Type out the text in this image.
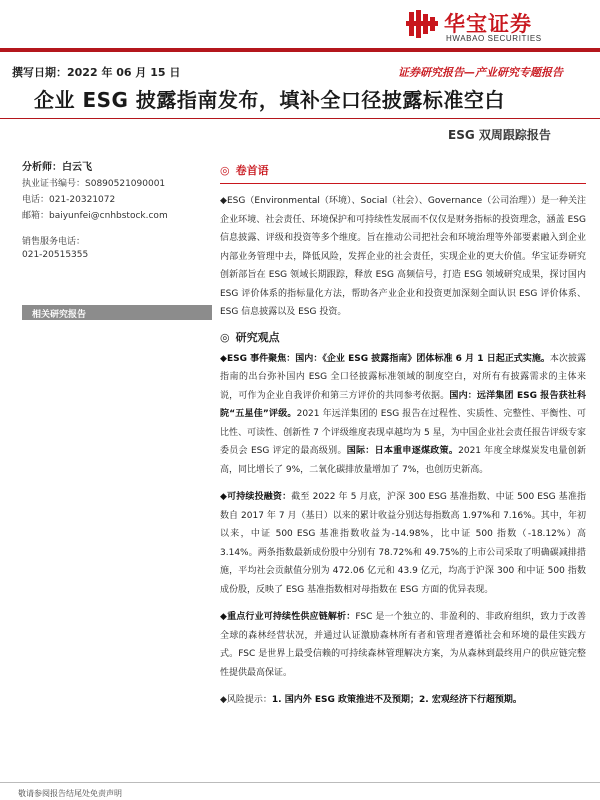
华宝证券
HWABAO SECURITIES
撰写日期：2022 年 06 月 15 日	证券研究报告—产业研究专题报告
企业 ESG 披露指南发布，填补全口径披露标准空白
ESG 双周跟踪报告
分析师：白云飞
执业证书编号：S0890521090001
电话：021-20321072
邮箱：baiyunfei@cnhbstock.com
销售服务电话：
021-20515355
相关研究报告
◎ 卷首语

◆ESG（Environmental（环境）、Social（社会）、Governance（公司治理））是一种关注企业环境、社会责任、环境保护和可持续性发展而不仅仅是财务指标的投资理念，涵盖 ESG 信息披露、评级和投资等多个维度。旨在推动公司把社会和环境治理等外部要素融入到企业内部业务管理中去，降低风险，发挥企业的社会责任，实现企业的更大价值。华宝证券研究创新部旨在 ESG 领域长期跟踪，释放 ESG 高频信号，打造 ESG 领域研究成果，探讨国内 ESG 评价体系的指标量化方法，帮助各产业企业和投资更加深刻全面认识 ESG 评价体系、ESG 信息披露以及 ESG 投资。

◎ 研究观点

◆ESG 事件聚焦：国内：《企业 ESG 披露指南》团体标准 6 月 1 日起正式实施。本次披露指南的出台弥补国内 ESG 全口径披露标准领域的制度空白，对所有有披露需求的主体来说，可作为企业自我评价和第三方评价的共同参考依据。国内：远洋集团 ESG 报告获社科院“五星佳”评级。2021 年远洋集团的 ESG 报告在过程性、实质性、完整性、平衡性、可比性、可读性、创新性 7 个评级维度表现卓越均为 5 星，为中国企业社会责任报告评级专家委员会 ESG 评定的最高级别。国际：日本重申逐煤政策。2021 年度全球煤炭发电量创新高，同比增长了 9%，二氧化碳排放量增加了 7%，也创历史新高。

◆可持续投融资：截至 2022 年 5 月底，沪深 300 ESG 基准指数、中证 500 ESG 基准指数自 2017 年 7 月（基日）以来的累计收益分别达每指数高 1.97%和 7.16%。其中，年初以来，中证 500 ESG 基准指数收益为-14.98%，比中证 500 指数（-18.12%）高 3.14%。两条指数最新成份股中分别有 78.72%和 49.75%的上市公司采取了明确碳减排措施，平均社会贡献值分别为 472.06 亿元和 43.9 亿元，均高于沪深 300 和中证 500 指数成份股，反映了 ESG 基准指数相对母指数在 ESG 方面的优异表现。

◆重点行业可持续性供应链解析：FSC 是一个独立的、非盈利的、非政府组织，致力于改善全球的森林经营状况，并通过认证激励森林所有者和管理者遵循社会和环境的最佳实践方式。FSC 是世界上最受信赖的可持续森林管理解决方案，为从森林到最终用户的供应链完整性提供最高保证。

◆风险提示：1. 国内外 ESG 政策推进不及预期；2. 宏观经济下行超预期。

敬请参阅报告结尾处免责声明
